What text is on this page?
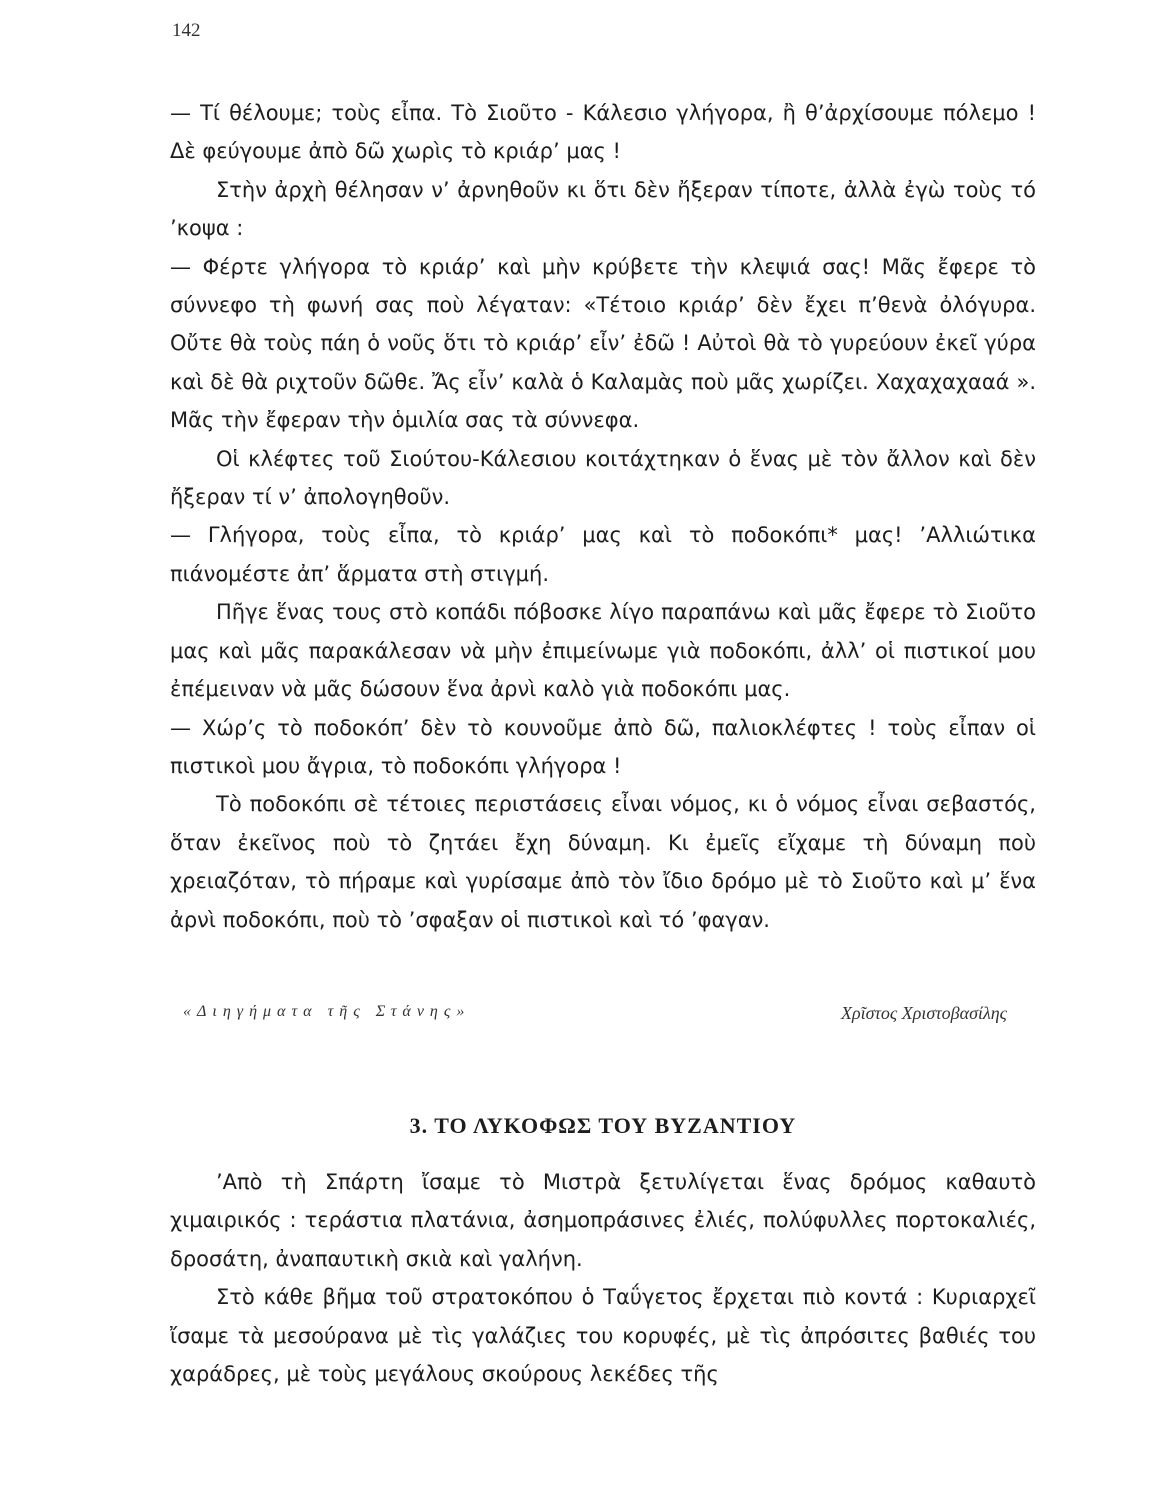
142

— Τί θέλουμε; τοὺς εἶπα. Τὸ Σιοῦτο - Κάλεσιο γλήγορα, ἢ θ’ἀρχίσουμε πόλεμο ! Δὲ φεύγουμε ἀπὸ δῶ χωρὶς τὸ κριάρ’ μας !

Στὴν ἀρχὴ θέλησαν ν’ ἀρνηθοῦν κι ὅτι δὲν ἤξεραν τίποτε, ἀλλὰ ἐγὼ τοὺς τό ’κοψα :

— Φέρτε γλήγορα τὸ κριάρ’ καὶ μὴν κρύβετε τὴν κλεψιά σας! Μᾶς ἔφερε τὸ σύννεφο τὴ φωνή σας ποὺ λέγαταν: «Τέτοιο κριάρ’ δὲν ἔχει π’θενὰ ὀλόγυρα. Οὔτε θὰ τοὺς πάη ὁ νοῦς ὅτι τὸ κριάρ’ εἶν’ ἐδῶ ! Αὐτοὶ θὰ τὸ γυρεύουν ἐκεῖ γύρα καὶ δὲ θὰ ριχτοῦν δῶθε. Ἄς εἶν’ καλὰ ὁ Καλαμὰς ποὺ μᾶς χωρίζει. Χαχαχαχααά ». Μᾶς τὴν ἔφεραν τὴν ὁμιλία σας τὰ σύννεφα.

Οἱ κλέφτες τοῦ Σιούτου-Κάλεσιου κοιτάχτηκαν ὁ ἕνας μὲ τὸν ἄλλον καὶ δὲν ἤξεραν τί ν’ ἀπολογηθοῦν.

— Γλήγορα, τοὺς εἶπα, τὸ κριάρ’ μας καὶ τὸ ποδοκόπι* μας! ’Αλλιώτικα πιάνομέστε ἀπ’ ἅρματα στὴ στιγμή.

Πῆγε ἕνας τους στὸ κοπάδι πόβοσκε λίγο παραπάνω καὶ μᾶς ἔφερε τὸ Σιοῦτο μας καὶ μᾶς παρακάλεσαν νὰ μὴν ἐπιμείνωμε γιὰ ποδοκόπι, ἀλλ’ οἱ πιστικοί μου ἐπέμειναν νὰ μᾶς δώσουν ἕνα ἀρνὶ καλὸ γιὰ ποδοκόπι μας.

— Χώρ’ς τὸ ποδοκόπ’ δὲν τὸ κουνοῦμε ἀπὸ δῶ, παλιοκλέφτες ! τοὺς εἶπαν οἱ πιστικοὶ μου ἄγρια, τὸ ποδοκόπι γλήγορα !

Τὸ ποδοκόπι σὲ τέτοιες περιστάσεις εἶναι νόμος, κι ὁ νόμος εἶναι σεβαστός, ὅταν ἐκεῖνος ποὺ τὸ ζητάει ἔχη δύναμη. Κι ἐμεῖς εἴχαμε τὴ δύναμη ποὺ χρειαζόταν, τὸ πήραμε καὶ γυρίσαμε ἀπὸ τὸν ἴδιο δρόμο μὲ τὸ Σιοῦτο καὶ μ’ ἕνα ἀρνὶ ποδοκόπι, ποὺ τὸ ’σφαξαν οἱ πιστικοὶ καὶ τό ’φαγαν.

«Διηγήματα τῆς Στάνης»	Χρῖστος Χριστοβασίλης
3. ΤΟ ΛΥΚΟΦΩΣ ΤΟΥ ΒΥΖΑΝΤΙΟΥ

’Απὸ τὴ Σπάρτη ἴσαμε τὸ Μιστρὰ ξετυλίγεται ἕνας δρόμος καθαυτὸ χιμαιρικός : τεράστια πλατάνια, ἀσημοπράσινες ἐλιές, πολύφυλλες πορτοκαλιές, δροσάτη, ἀναπαυτικὴ σκιὰ καὶ γαλήνη.

Στὸ κάθε βῆμα τοῦ στρατοκόπου ὁ Ταΰγετος ἔρχεται πιὸ κοντά : Κυριαρχεῖ ἴσαμε τὰ μεσούρανα μὲ τὶς γαλάζιες του κορυφές, μὲ τὶς ἀπρόσιτες βαθιές του χαράδρες, μὲ τοὺς μεγάλους σκούρους λεκέδες τῆς
